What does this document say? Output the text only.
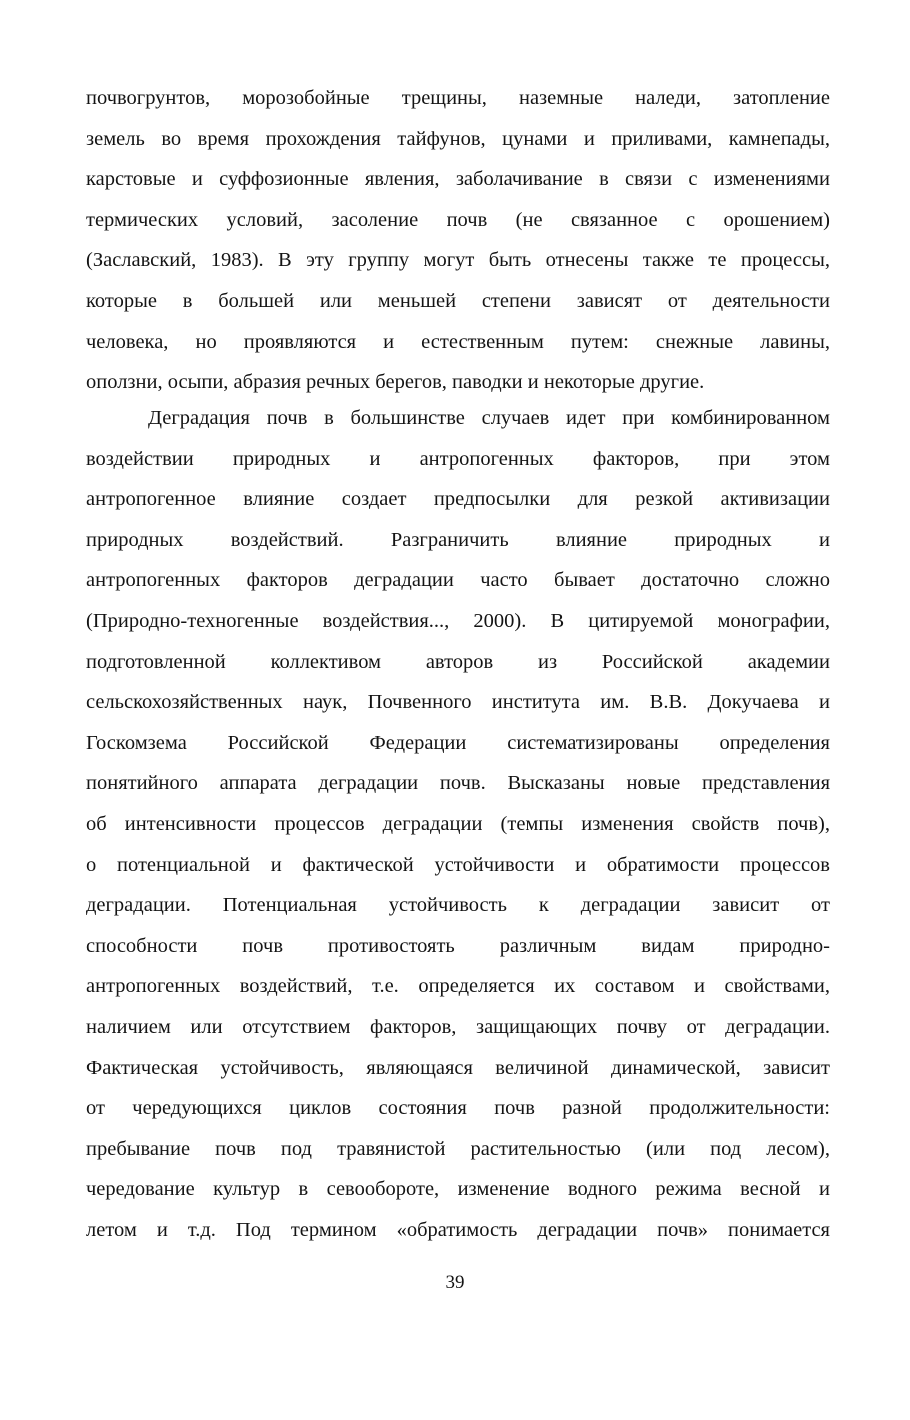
почвогрунтов, морозобойные трещины, наземные наледи, затопление
земель во время прохождения тайфунов, цунами и приливами, камнепады,
карстовые и суффозионные явления, заболачивание в связи с изменениями
термических условий, засоление почв (не связанное с орошением)
(Заславский, 1983). В эту группу могут быть отнесены также те процессы,
которые в большей или меньшей степени зависят от деятельности
человека, но проявляются и естественным путем: снежные лавины,
оползни, осыпи, абразия речных берегов, паводки и некоторые другие.
Деградация почв в большинстве случаев идет при комбинированном
воздействии природных и антропогенных факторов, при этом
антропогенное влияние создает предпосылки для резкой активизации
природных воздействий. Разграничить влияние природных и
антропогенных факторов деградации часто бывает достаточно сложно
(Природно-техногенные воздействия..., 2000). В цитируемой монографии,
подготовленной коллективом авторов из Российской академии
сельскохозяйственных наук, Почвенного института им. В.В. Докучаева и
Госкомзема Российской Федерации систематизированы определения
понятийного аппарата деградации почв. Высказаны новые представления
об интенсивности процессов деградации (темпы изменения свойств почв),
о потенциальной и фактической устойчивости и обратимости процессов
деградации. Потенциальная устойчивость к деградации зависит от
способности почв противостоять различным видам природно-
антропогенных воздействий, т.е. определяется их составом и свойствами,
наличием или отсутствием факторов, защищающих почву от деградации.
Фактическая устойчивость, являющаяся величиной динамической, зависит
от чередующихся циклов состояния почв разной продолжительности:
пребывание почв под травянистой растительностью (или под лесом),
чередование культур в севообороте, изменение водного режима весной и
летом и т.д. Под термином «обратимость деградации почв» понимается
39
